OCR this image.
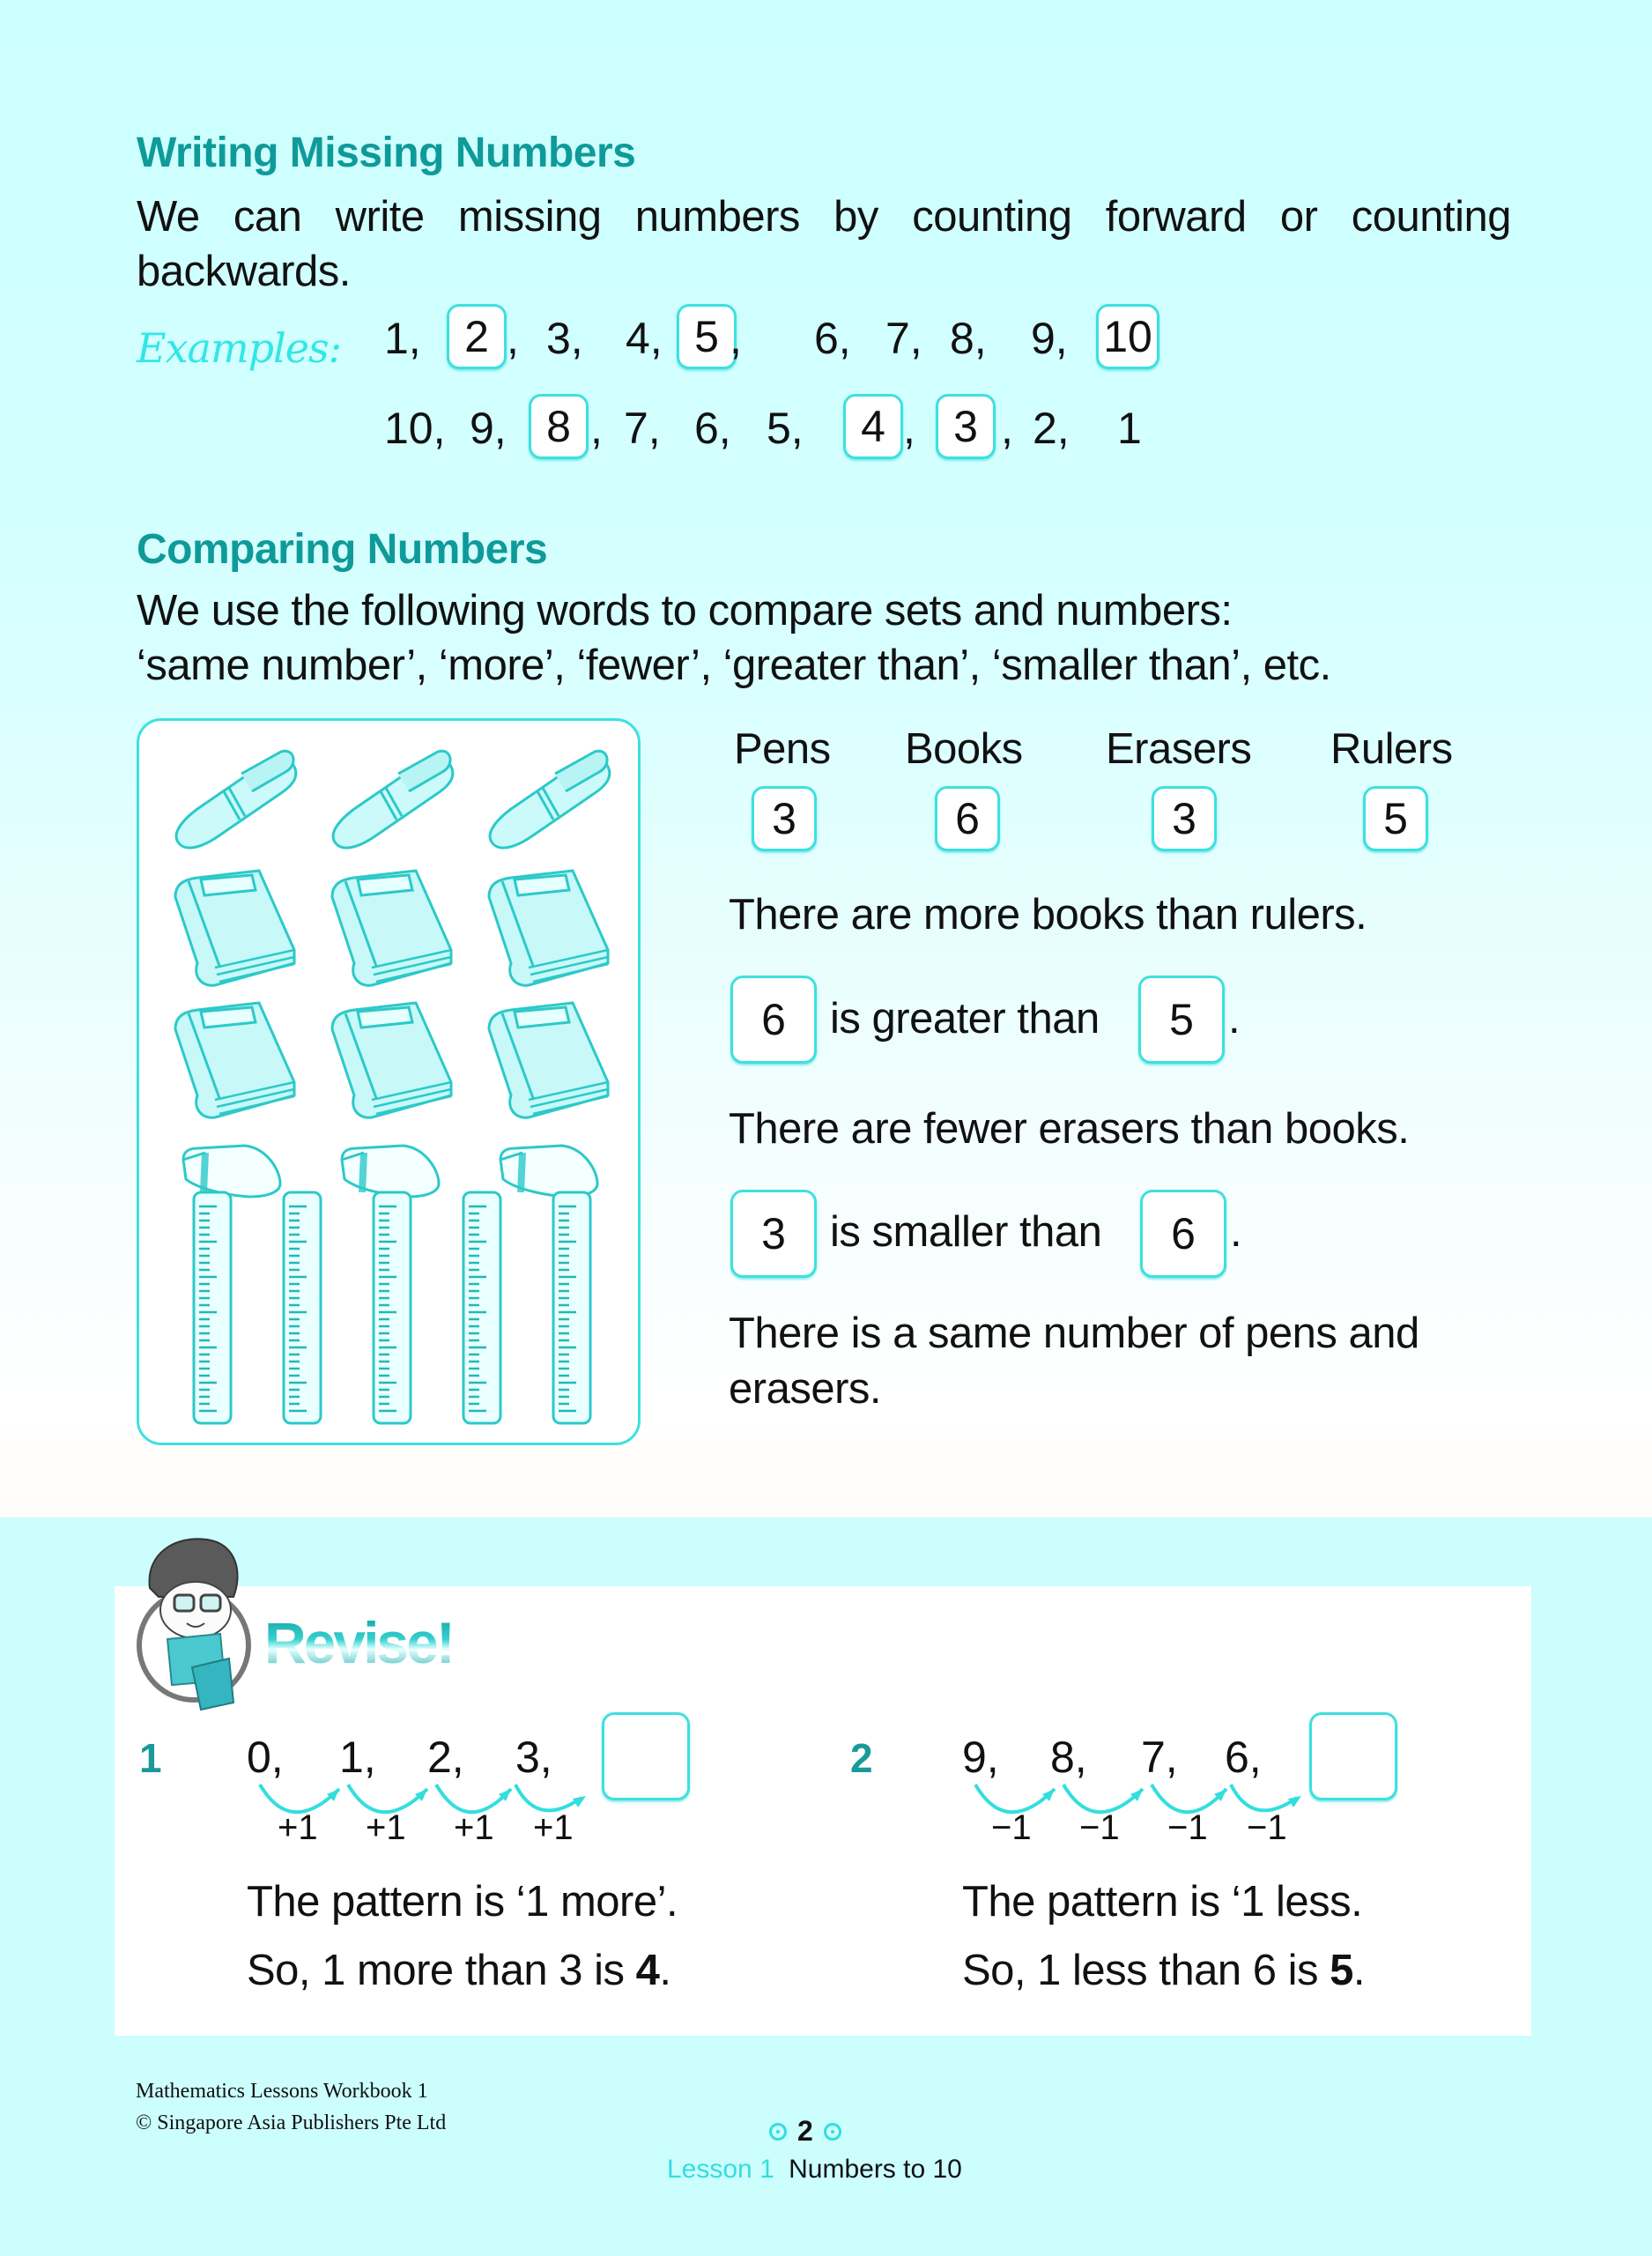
Writing Missing Numbers
We can write missing numbers by counting forward or counting
backwards.
Examples: 1, 2 , 3, 4, 5 , 6, 7, 8, 9, 10
10, 9, 8 , 7, 6, 5,	4 , 3 , 2, 1
Comparing Numbers
We use the following words to compare sets and numbers:
‘same number’, ‘more’, ‘fewer’, ‘greater than’, ‘smaller than’, etc.
Pens Books Erasers Rulers
3	6	3	5
There are more books than rulers.
6	is greater than	5 .
There are fewer erasers than books.
3	is smaller than	6 .
There is a same number of pens and
erasers.
Revise!
1 0, 1, 2, 3,
+1 +1 +1 +1
The pattern is ‘1 more’.
So, 1 more than 3 is 4.
2 9, 8, 7, 6,
−1 −1 −1 −1
The pattern is ‘1 less.
So, 1 less than 6 is 5.
Mathematics Lessons Workbook 1
© Singapore Asia Publishers Pte Ltd	2
Lesson 1 Numbers to 10
